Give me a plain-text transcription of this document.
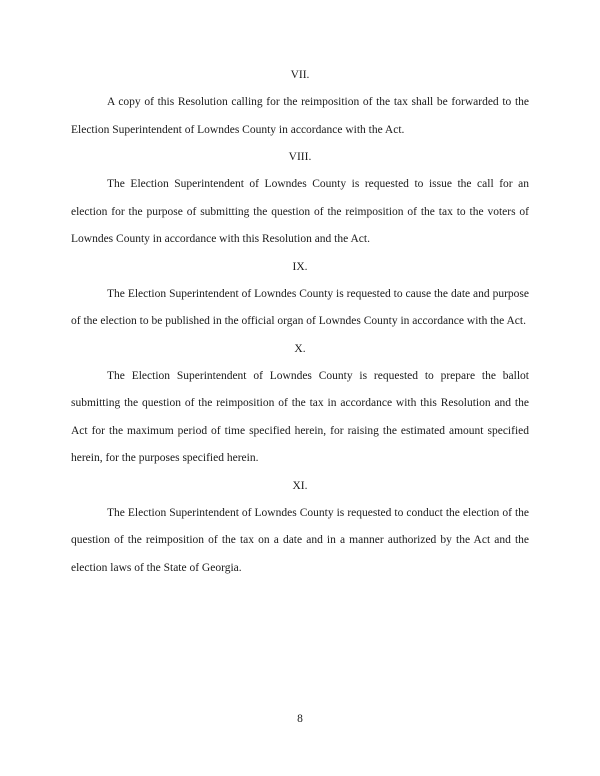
VII.

A copy of this Resolution calling for the reimposition of the tax shall be forwarded to the Election Superintendent of Lowndes County in accordance with the Act.

VIII.

The Election Superintendent of Lowndes County is requested to issue the call for an election for the purpose of submitting the question of the reimposition of the tax to the voters of Lowndes County in accordance with this Resolution and the Act.

IX.

The Election Superintendent of Lowndes County is requested to cause the date and purpose of the election to be published in the official organ of Lowndes County in accordance with the Act.

X.

The Election Superintendent of Lowndes County is requested to prepare the ballot submitting the question of the reimposition of the tax in accordance with this Resolution and the Act for the maximum period of time specified herein, for raising the estimated amount specified herein, for the purposes specified herein.

XI.

The Election Superintendent of Lowndes County is requested to conduct the election of the question of the reimposition of the tax on a date and in a manner authorized by the Act and the election laws of the State of Georgia.

8
